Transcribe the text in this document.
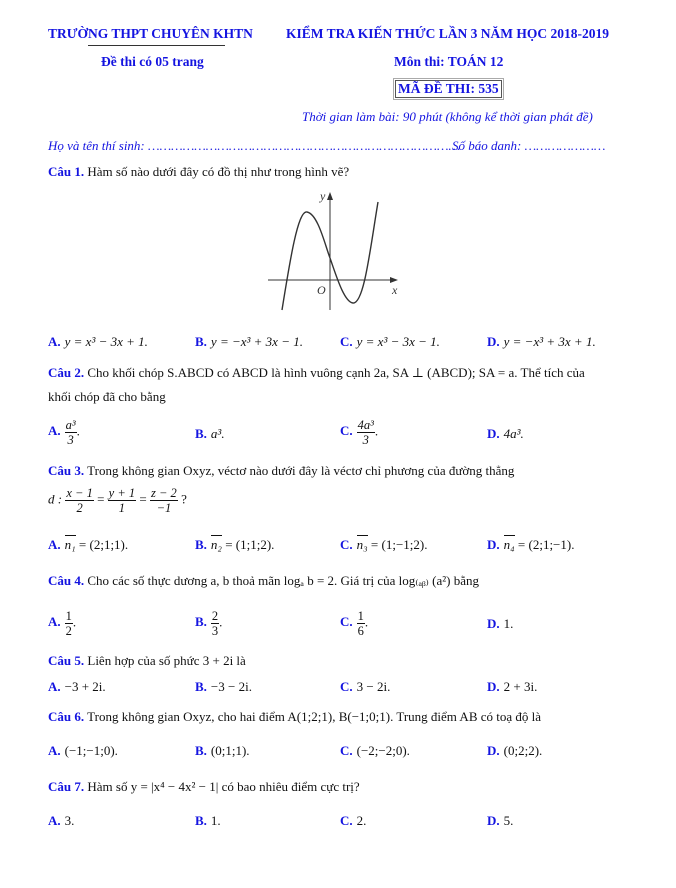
TRƯỜNG THPT CHUYÊN KHTN KIỂM TRA KIẾN THỨC LẦN 3 NĂM HỌC 2018-2019
Đề thi có 05 trang	Môn thi: TOÁN 12
MÃ ĐỀ THI: 535
Thời gian làm bài: 90 phút (không kể thời gian phát đề)
Họ và tên thí sinh: ………………………………………………………………………
Số báo danh: …………………
Câu 1. Hàm số nào dưới đây có đồ thị như trong hình vẽ?
y
x
O
A. y = x³ − 3x + 1.	B. y = −x³ + 3x − 1.	C. y = x³ − 3x − 1.	D. y = −x³ + 3x + 1.
Câu 2. Cho khối chóp S.ABCD có ABCD là hình vuông cạnh 2a, SA ⊥ (ABCD); SA = a. Thể tích của
khối chóp đã cho bằng
A. $\frac{\text{a³}}{3}$ .	B. a³.	C. $\frac{\text{4a³}}{3}$ .	D. 4a³.
Câu 3. Trong không gian Oxyz, véctơ nào dưới đây là véctơ chỉ phương của đường thẳng
d : $\frac{x - 1}{2} = \frac{y + 1}{1} = \frac{z - 2}{-1}$ ?
A. n₁ = (2;1;1).	B. n₂ = (1;1;2).	C. n₃ = (1;−1;2).	D. n₄ = (2;1;−1).
Câu 4. Cho các số thực dương a, b thoả mãn logₐ b = 2. Giá trị của log₍ₐᵦ₎ (a²) bằng
A. $\frac{1}{2}$ .	B. $\frac{2}{3}$ .	C. $\frac{1}{6}$ .	D. 1.
Câu 5. Liên hợp của số phức 3 + 2i là
A. −3 + 2i.	B. −3 − 2i.	C. 3 − 2i.	D. 2 + 3i.
Câu 6. Trong không gian Oxyz, cho hai điểm A(1;2;1), B(−1;0;1). Trung điểm AB có toạ độ là
A. (−1;−1;0).	B. (0;1;1).	C. (−2;−2;0).	D. (0;2;2).
Câu 7. Hàm số y = |x⁴ − 4x² − 1| có bao nhiêu điểm cực trị?
A. 3.	B. 1.	C. 2.	D. 5.
